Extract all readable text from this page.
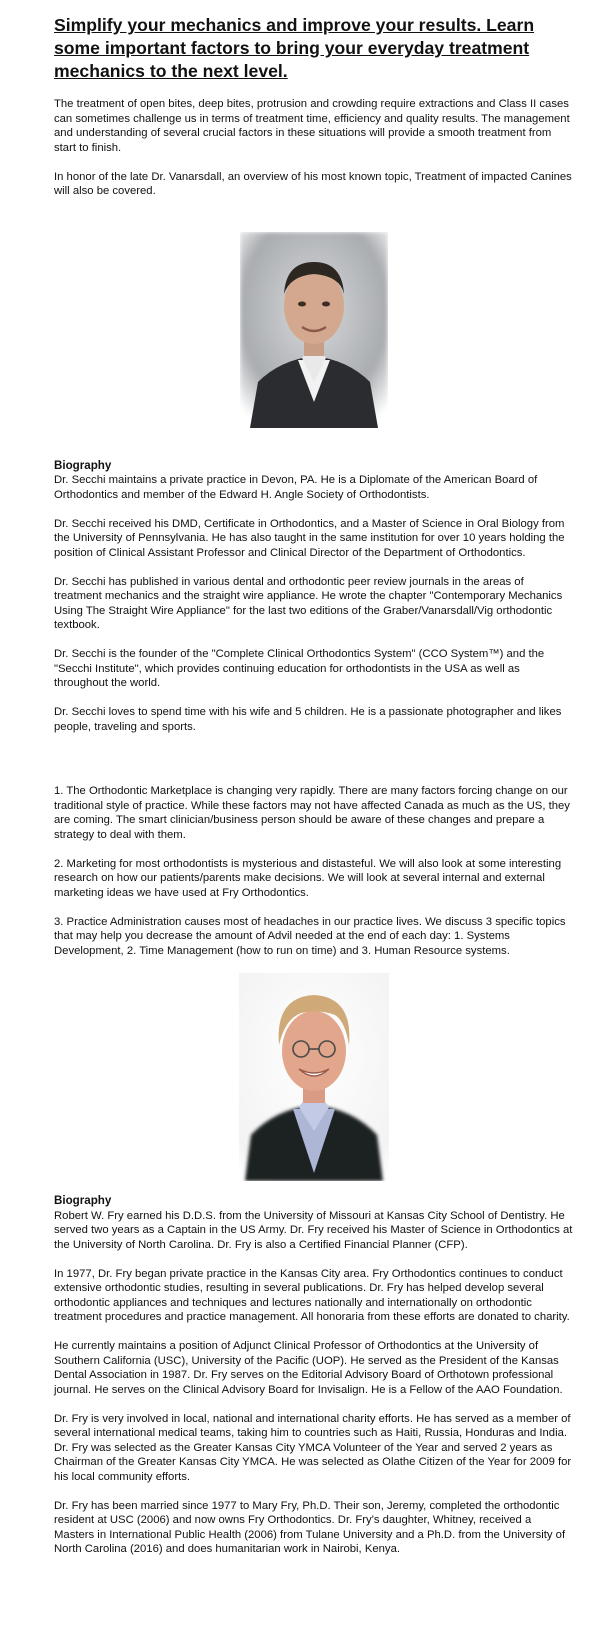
Simplify your mechanics and improve your results. Learn some important factors to bring your everyday treatment mechanics to the next level.

The treatment of open bites, deep bites, protrusion and crowding require extractions and Class II cases can sometimes challenge us in terms of treatment time, efficiency and quality results. The management and understanding of several crucial factors in these situations will provide a smooth treatment from start to finish.

In honor of the late Dr. Vanarsdall, an overview of his most known topic, Treatment of impacted Canines will also be covered.

Biography

Dr. Secchi maintains a private practice in Devon, PA. He is a Diplomate of the American Board of Orthodontics and member of the Edward H. Angle Society of Orthodontists.

Dr. Secchi received his DMD, Certificate in Orthodontics, and a Master of Science in Oral Biology from the University of Pennsylvania. He has also taught in the same institution for over 10 years holding the position of Clinical Assistant Professor and Clinical Director of the Department of Orthodontics.

Dr. Secchi has published in various dental and orthodontic peer review journals in the areas of treatment mechanics and the straight wire appliance. He wrote the chapter "Contemporary Mechanics Using The Straight Wire Appliance" for the last two editions of the Graber/Vanarsdall/Vig orthodontic textbook.

Dr. Secchi is the founder of the "Complete Clinical Orthodontics System" (CCO System™) and the "Secchi Institute", which provides continuing education for orthodontists in the USA as well as throughout the world.

Dr. Secchi loves to spend time with his wife and 5 children. He is a passionate photographer and likes people, traveling and sports.

1. The Orthodontic Marketplace is changing very rapidly. There are many factors forcing change on our traditional style of practice. While these factors may not have affected Canada as much as the US, they are coming. The smart clinician/business person should be aware of these changes and prepare a strategy to deal with them.

2. Marketing for most orthodontists is mysterious and distasteful. We will also look at some interesting research on how our patients/parents make decisions. We will look at several internal and external marketing ideas we have used at Fry Orthodontics.

3. Practice Administration causes most of headaches in our practice lives. We discuss 3 specific topics that may help you decrease the amount of Advil needed at the end of each day: 1. Systems Development, 2. Time Management (how to run on time) and 3. Human Resource systems.

Biography

Robert W. Fry earned his D.D.S. from the University of Missouri at Kansas City School of Dentistry. He served two years as a Captain in the US Army. Dr. Fry received his Master of Science in Orthodontics at the University of North Carolina. Dr. Fry is also a Certified Financial Planner (CFP).

In 1977, Dr. Fry began private practice in the Kansas City area. Fry Orthodontics continues to conduct extensive orthodontic studies, resulting in several publications. Dr. Fry has helped develop several orthodontic appliances and techniques and lectures nationally and internationally on orthodontic treatment procedures and practice management. All honoraria from these efforts are donated to charity.

He currently maintains a position of Adjunct Clinical Professor of Orthodontics at the University of Southern California (USC), University of the Pacific (UOP). He served as the President of the Kansas Dental Association in 1987. Dr. Fry serves on the Editorial Advisory Board of Orthotown professional journal. He serves on the Clinical Advisory Board for Invisalign. He is a Fellow of the AAO Foundation.

Dr. Fry is very involved in local, national and international charity efforts. He has served as a member of several international medical teams, taking him to countries such as Haiti, Russia, Honduras and India. Dr. Fry was selected as the Greater Kansas City YMCA Volunteer of the Year and served 2 years as Chairman of the Greater Kansas City YMCA. He was selected as Olathe Citizen of the Year for 2009 for his local community efforts.

Dr. Fry has been married since 1977 to Mary Fry, Ph.D. Their son, Jeremy, completed the orthodontic resident at USC (2006) and now owns Fry Orthodontics. Dr. Fry's daughter, Whitney, received a Masters in International Public Health (2006) from Tulane University and a Ph.D. from the University of North Carolina (2016) and does humanitarian work in Nairobi, Kenya.
